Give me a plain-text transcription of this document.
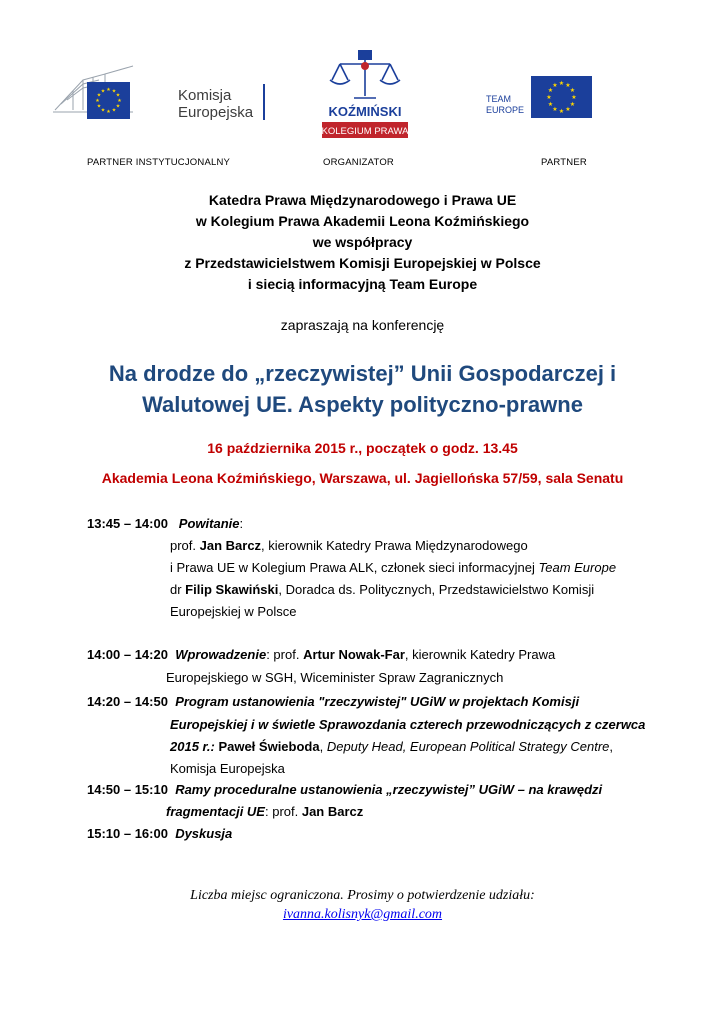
★ ★
★
★
★
★
★
★
★
★
★
★	Komisja
Europejska	KOŹMIŃSKI
KOLEGIUM PRAWA
TEAM
EUROPE
★ ★
★
★
★
★
★
★
★
★
★
★
PARTNER INSTYTUCJONALNY	ORGANIZATOR	PARTNER
Katedra Prawa Międzynarodowego i Prawa UE
w Kolegium Prawa Akademii Leona Koźmińskiego
we współpracy
z Przedstawicielstwem Komisji Europejskiej w Polsce
i siecią informacyjną Team Europe
zapraszają na konferencję
Na drodze do „rzeczywistej” Unii Gospodarczej i
Walutowej UE. Aspekty polityczno-prawne
16 października 2015 r., początek o godz. 13.45
Akademia Leona Koźmińskiego, Warszawa, ul. Jagiellońska 57/59, sala Senatu
13:45 – 14:00 Powitanie:
prof. Jan Barcz, kierownik Katedry Prawa Międzynarodowego
i Prawa UE w Kolegium Prawa ALK, członek sieci informacyjnej Team Europe
dr Filip Skawiński, Doradca ds. Politycznych, Przedstawicielstwo Komisji
Europejskiej w Polsce
14:00 – 14:20 Wprowadzenie: prof. Artur Nowak-Far, kierownik Katedry Prawa
Europejskiego w SGH, Wiceminister Spraw Zagranicznych
14:20 – 14:50 Program ustanowienia "rzeczywistej" UGiW w projektach Komisji
Europejskiej i w świetle Sprawozdania czterech przewodniczących z czerwca
2015 r.: Paweł Świeboda, Deputy Head, European Political Strategy Centre,
Komisja Europejska
14:50 – 15:10 Ramy proceduralne ustanowienia „rzeczywistej” UGiW – na krawędzi
fragmentacji UE: prof. Jan Barcz
15:10 – 16:00 Dyskusja
Liczba miejsc ograniczona. Prosimy o potwierdzenie udziału:
ivanna.kolisnyk@gmail.com
